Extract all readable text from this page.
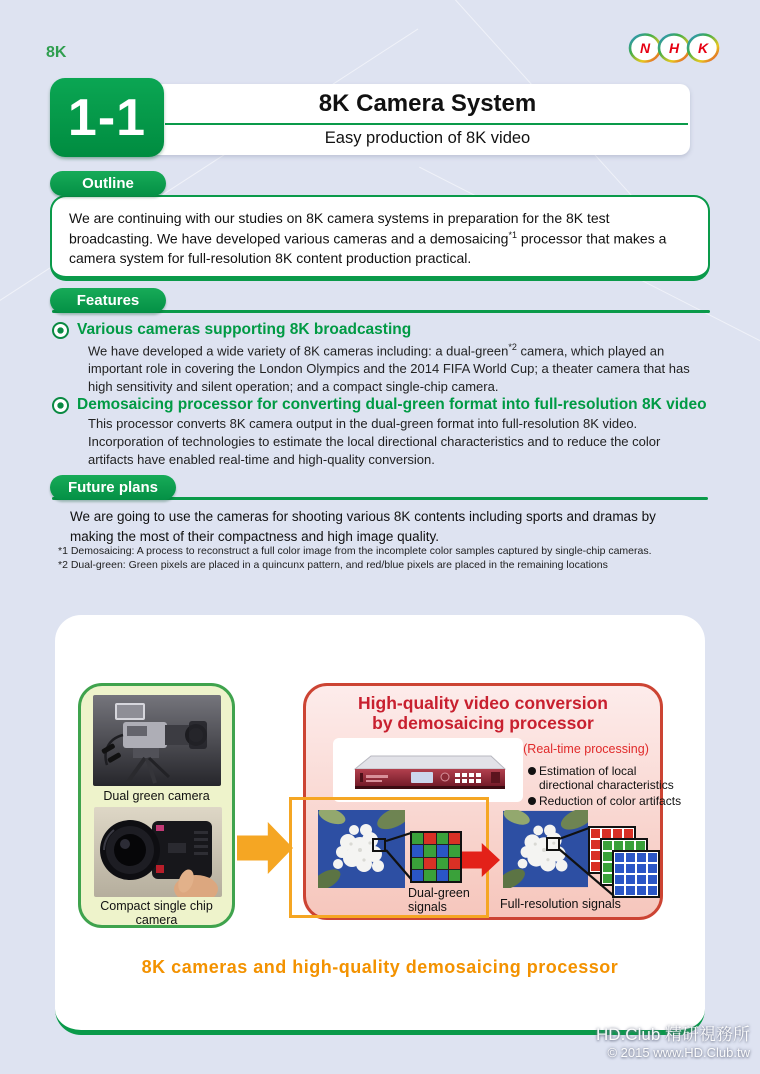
8K	N H K
8K Camera System
Easy production of 8K video
1-1
Outline
We are continuing with our studies on 8K camera systems in preparation for the 8K test broadcasting. We have developed various cameras and a demosaicing$^{*1}$ processor that makes a camera system for full-resolution 8K content production practical.
Features
Various cameras supporting 8K broadcasting
We have developed a wide variety of 8K cameras including: a dual-green$^{*2}$ camera, which played an important role in covering the London Olympics and the 2014 FIFA World Cup; a theater camera that has high sensitivity and silent operation; and a compact single-chip camera.
Demosaicing processor for converting dual-green format into full-resolution 8K video
This processor converts 8K camera output in the dual-green format into full-resolution 8K video. Incorporation of technologies to estimate the local directional characteristics and to reduce the color artifacts have enabled real-time and high-quality conversion.
Future plans
We are going to use the cameras for shooting various 8K contents including sports and dramas by making the most of their compactness and high image quality.
*1 Demosaicing: A process to reconstruct a full color image from the incomplete color samples captured by single-chip cameras.
*2 Dual-green: Green pixels are placed in a quincunx pattern, and red/blue pixels are placed in the remaining locations
Dual green camera
Compact single chip camera
High-quality video conversion
by demosaicing processor
(Real-time processing)
Estimation of local directional characteristics
Reduction of color artifacts
Dual-green signals	Full-resolution signals
8K cameras and high-quality demosaicing processor
HD.Club 精研視務所
© 2015 www.HD.Club.tw
